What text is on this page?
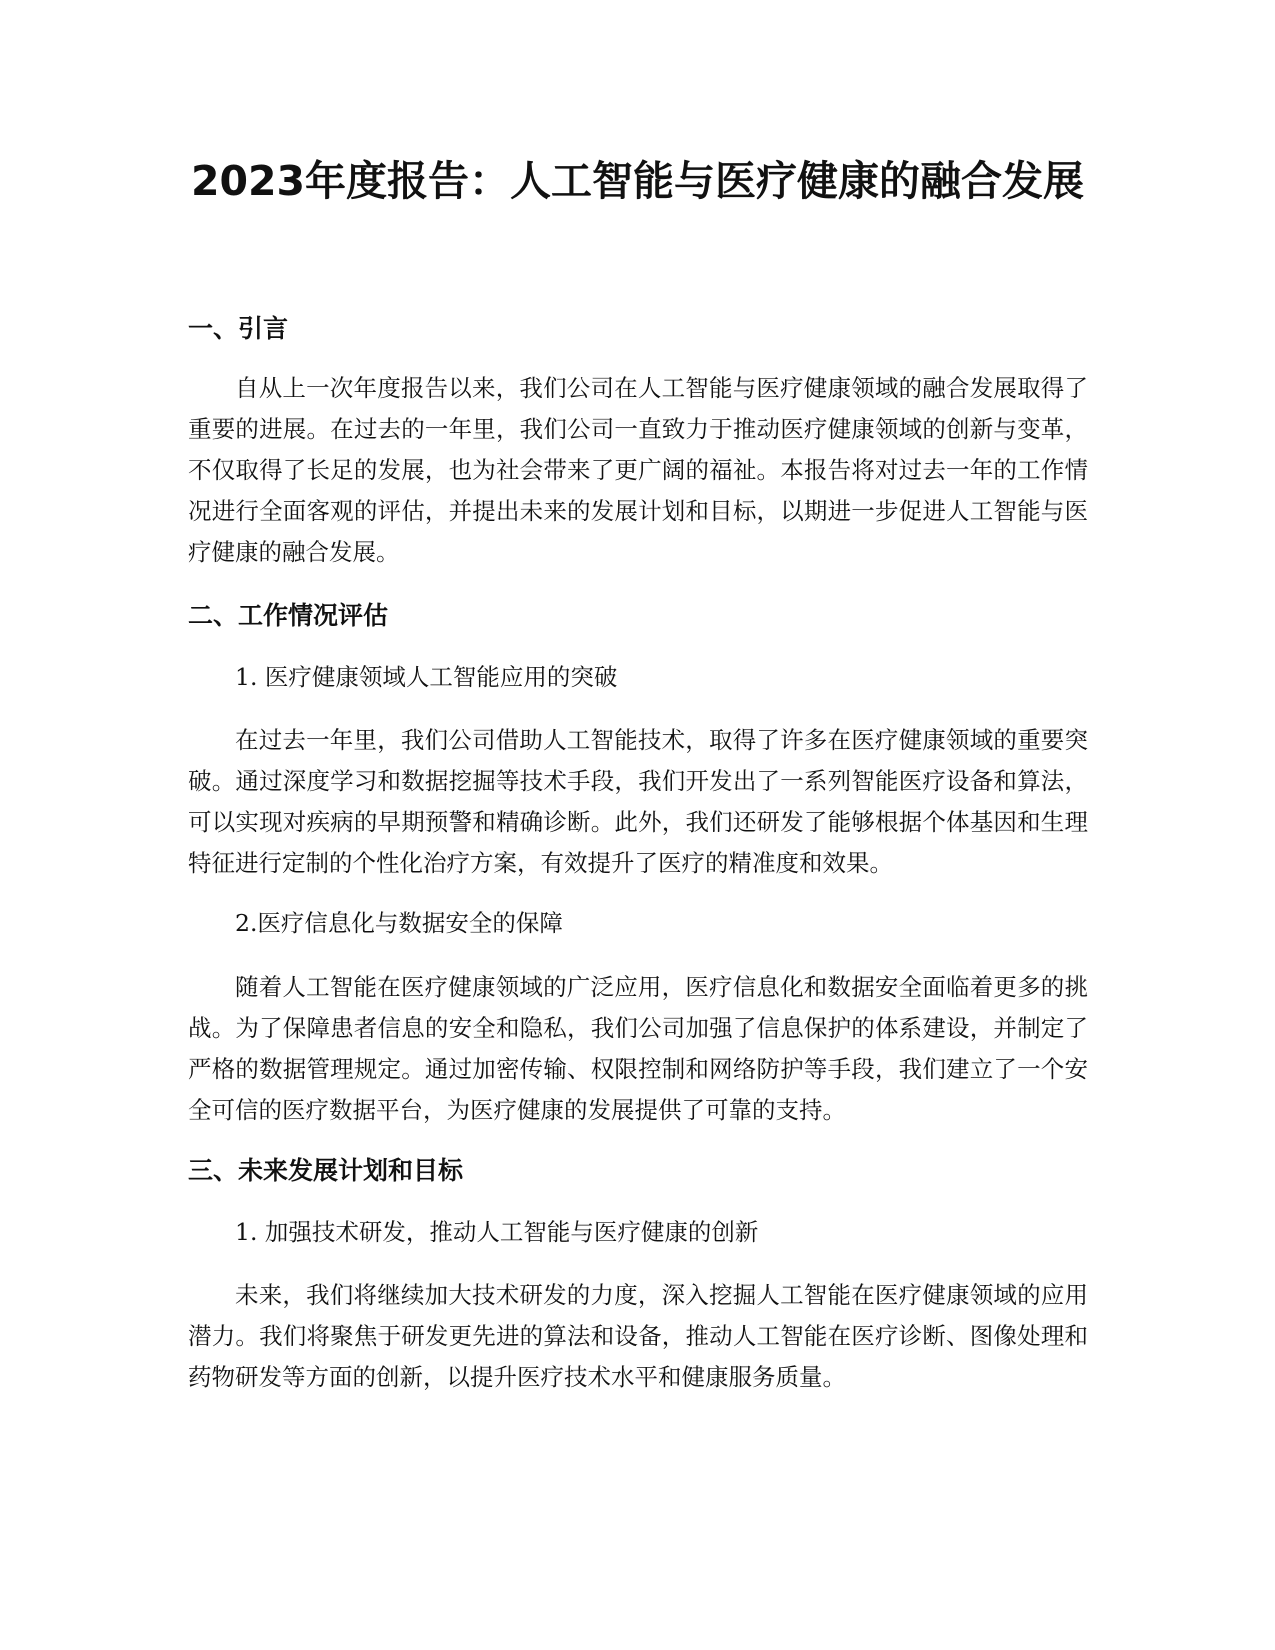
2023年度报告：人工智能与医疗健康的融合发展
一、引言

自从上一次年度报告以来，我们公司在人工智能与医疗健康领域的融合发展取得了重要的进展。在过去的一年里，我们公司一直致力于推动医疗健康领域的创新与变革，不仅取得了长足的发展，也为社会带来了更广阔的福祉。本报告将对过去一年的工作情况进行全面客观的评估，并提出未来的发展计划和目标，以期进一步促进人工智能与医疗健康的融合发展。

二、工作情况评估

1. 医疗健康领域人工智能应用的突破

在过去一年里，我们公司借助人工智能技术，取得了许多在医疗健康领域的重要突破。通过深度学习和数据挖掘等技术手段，我们开发出了一系列智能医疗设备和算法，可以实现对疾病的早期预警和精确诊断。此外，我们还研发了能够根据个体基因和生理特征进行定制的个性化治疗方案，有效提升了医疗的精准度和效果。

2.医疗信息化与数据安全的保障

随着人工智能在医疗健康领域的广泛应用，医疗信息化和数据安全面临着更多的挑战。为了保障患者信息的安全和隐私，我们公司加强了信息保护的体系建设，并制定了严格的数据管理规定。通过加密传输、权限控制和网络防护等手段，我们建立了一个安全可信的医疗数据平台，为医疗健康的发展提供了可靠的支持。

三、未来发展计划和目标

1. 加强技术研发，推动人工智能与医疗健康的创新

未来，我们将继续加大技术研发的力度，深入挖掘人工智能在医疗健康领域的应用潜力。我们将聚焦于研发更先进的算法和设备，推动人工智能在医疗诊断、图像处理和药物研发等方面的创新，以提升医疗技术水平和健康服务质量。
